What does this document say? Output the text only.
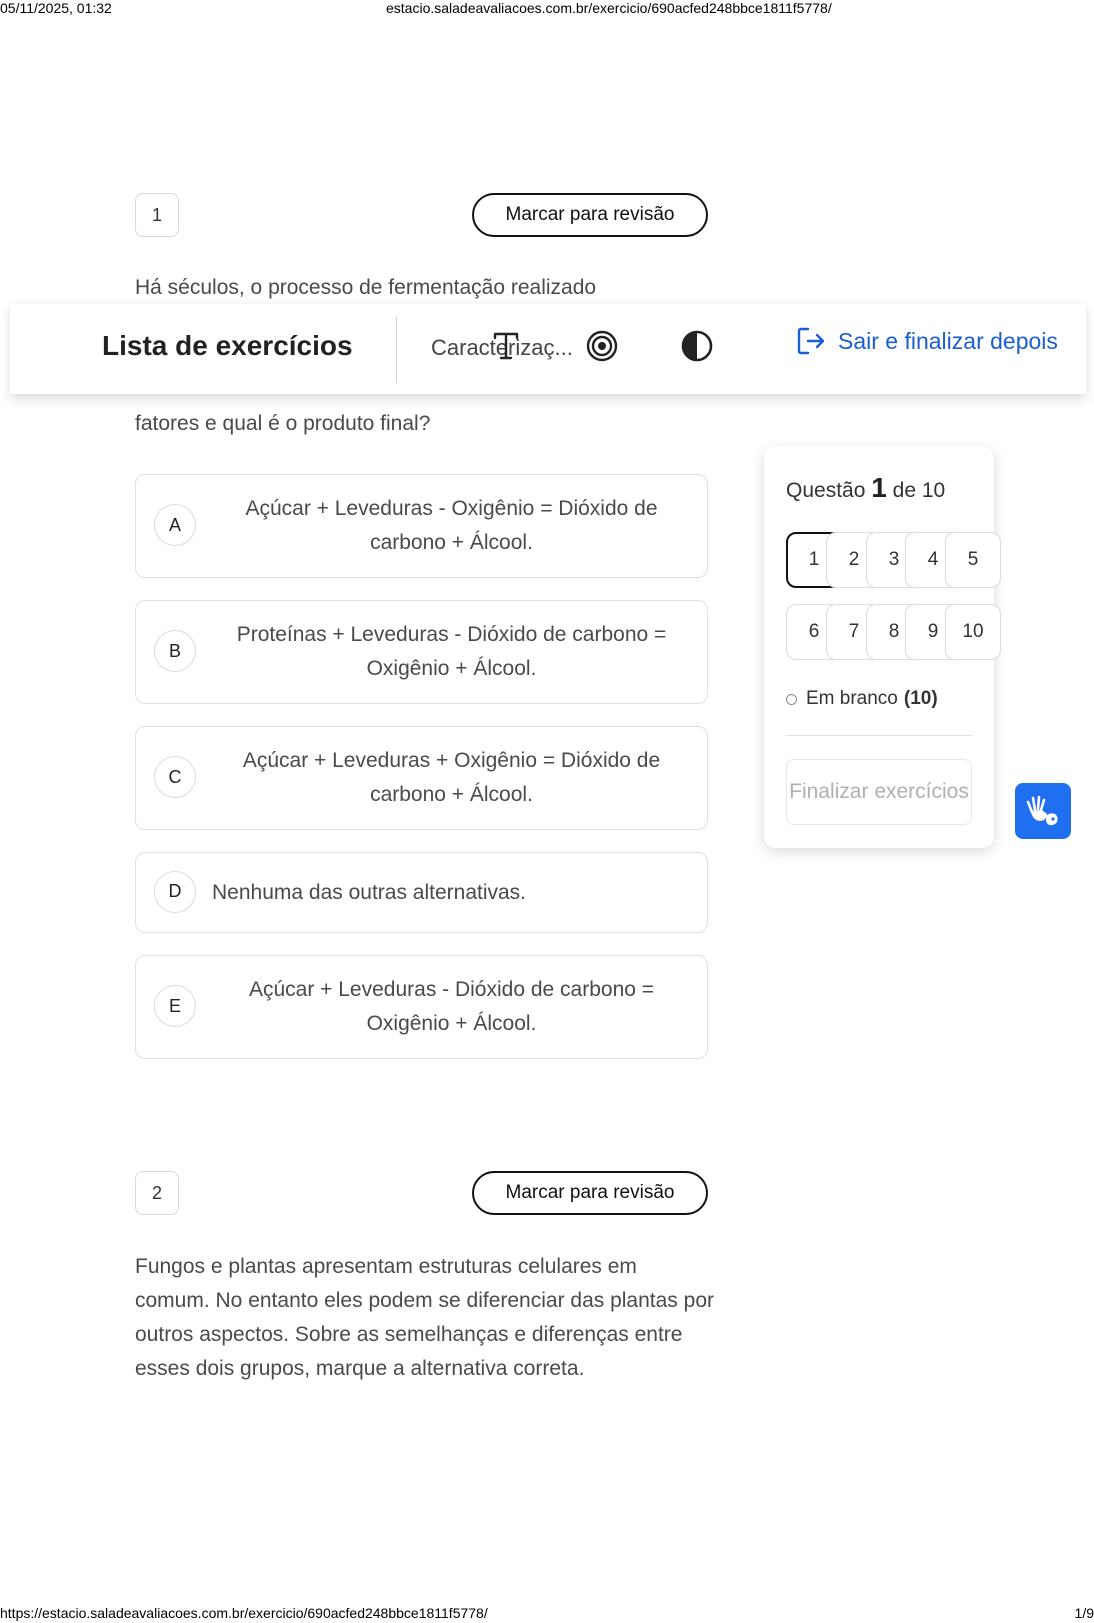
05/11/2025, 01:32	estacio.saladeavaliacoes.com.br/exercicio/690acfed248bbce1811f5778/
1	Marcar para revisão
Há séculos, o processo de fermentação realizado
fatores e qual é o produto final?
A
Açúcar + Leveduras - Oxigênio = Dióxido de carbono + Álcool.
B
Proteínas + Leveduras - Dióxido de carbono = Oxigênio + Álcool.
C
Açúcar + Leveduras + Oxigênio = Dióxido de carbono + Álcool.
D	Nenhuma das outras alternativas.
E
Açúcar + Leveduras - Dióxido de carbono = Oxigênio + Álcool.
2	Marcar para revisão
Fungos e plantas apresentam estruturas celulares em comum. No entanto eles podem se diferenciar das plantas por outros aspectos. Sobre as semelhanças e diferenças entre esses dois grupos, marque a alternativa correta.
Lista de exercícios	Caracterizaç...	Sair e finalizar depois
Questão 1 de 10
1	2	3	4	5
6	7	8	9	10
Em branco (10)
Finalizar exercícios
https://estacio.saladeavaliacoes.com.br/exercicio/690acfed248bbce1811f5778/	1/9
